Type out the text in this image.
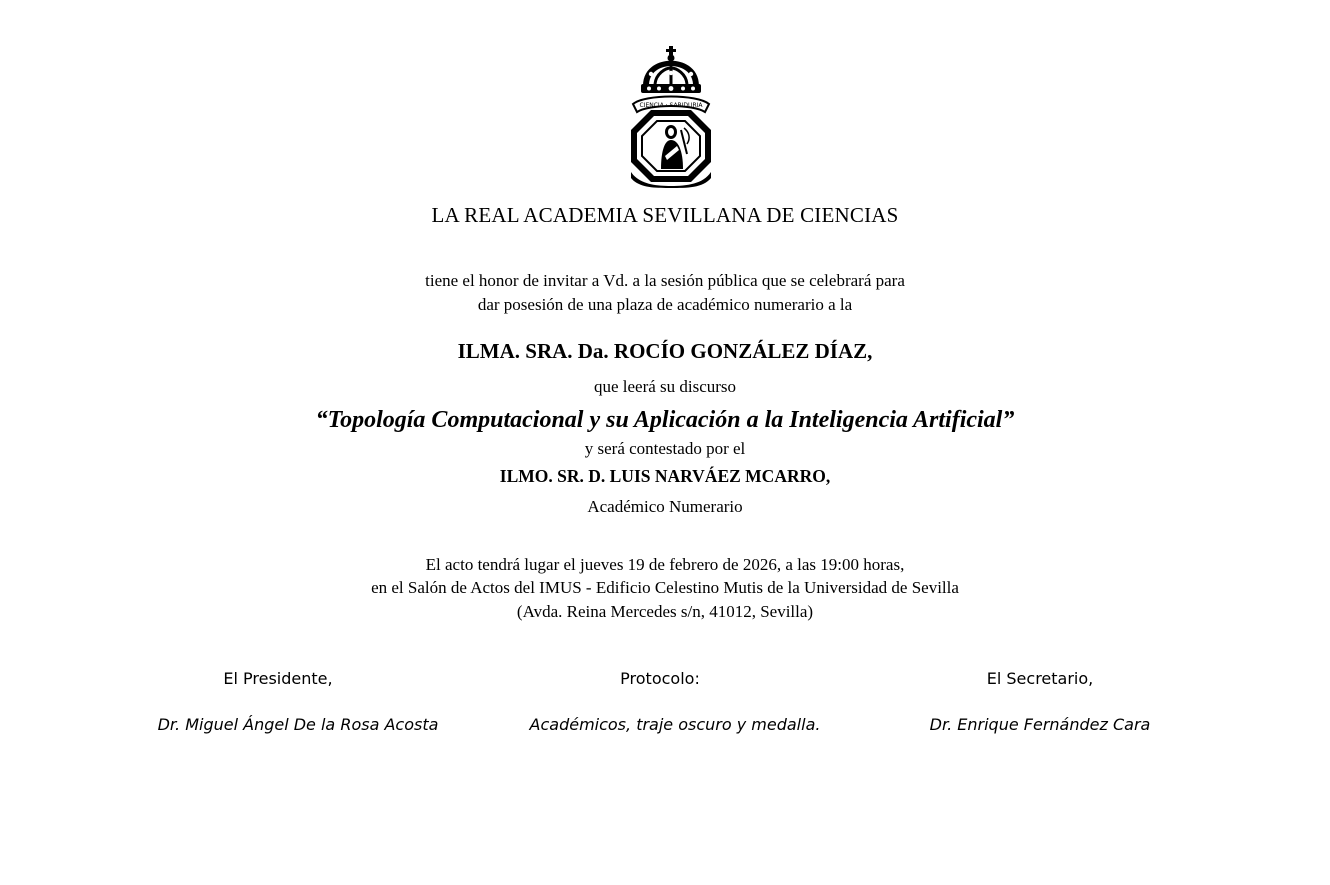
CIENCIA · SABIDURIA
LA REAL ACADEMIA SEVILLANA DE CIENCIAS
tiene el honor de invitar a Vd. a la sesión pública que se celebrará para
dar posesión de una plaza de académico numerario a la
ILMA. SRA. Da. ROCÍO GONZÁLEZ DÍAZ,
que leerá su discurso
“Topología Computacional y su Aplicación a la Inteligencia Artificial”
y será contestado por el
ILMO. SR. D. LUIS NARVÁEZ MCARRO,
Académico Numerario
El acto tendrá lugar el jueves 19 de febrero de 2026, a las 19:00 horas,
en el Salón de Actos del IMUS - Edificio Celestino Mutis de la Universidad de Sevilla
(Avda. Reina Mercedes s/n, 41012, Sevilla)
El Presidente,
Dr. Miguel Ángel De la Rosa Acosta
Protocolo:
Académicos, traje oscuro y medalla.
El Secretario,
Dr. Enrique Fernández Cara
